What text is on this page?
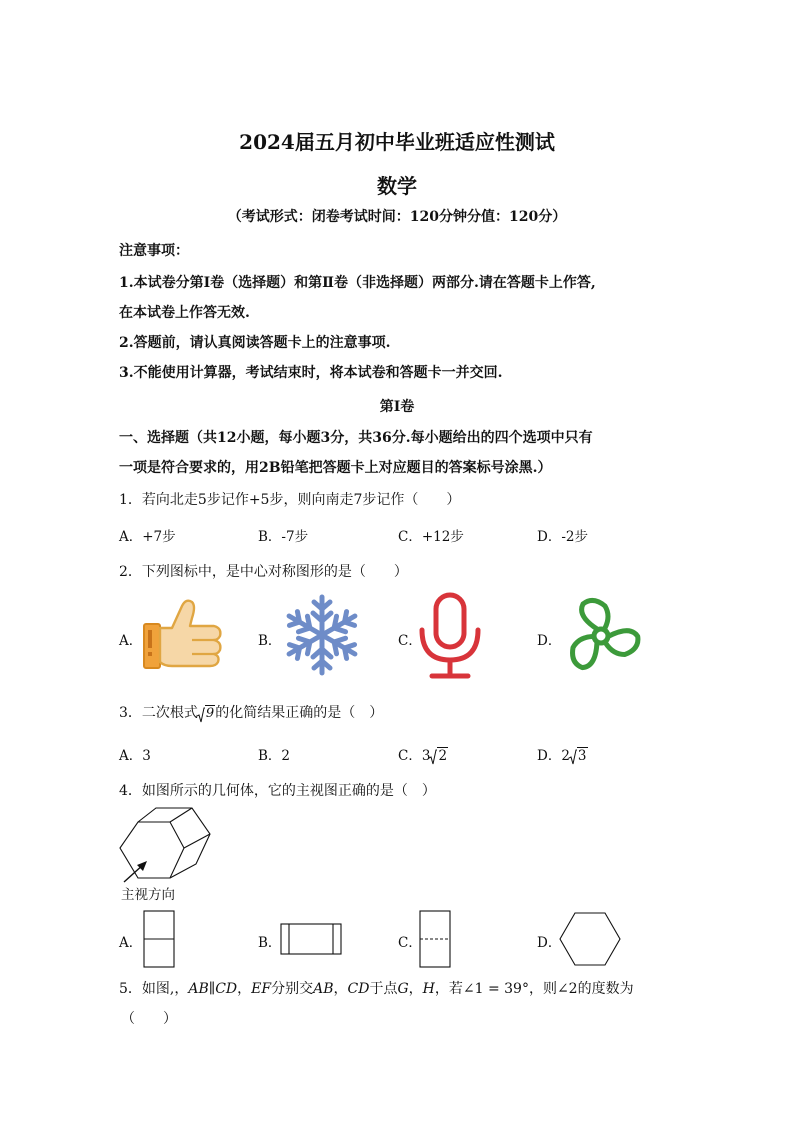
2024届五月初中毕业班适应性测试
数学
（考试形式：闭卷考试时间：120分钟分值：120分）
注意事项：
1.本试卷分第Ⅰ卷（选择题）和第Ⅱ卷（非选择题）两部分.请在答题卡上作答,
在本试卷上作答无效.
2.答题前，请认真阅读答题卡上的注意事项.
3.不能使用计算器，考试结束时，将本试卷和答题卡一并交回.
第Ⅰ卷
一、选择题（共12小题，每小题3分，共36分.每小题给出的四个选项中只有
一项是符合要求的，用2B铅笔把答题卡上对应题目的答案标号涂黑.）
1．若向北走5步记作+5步，则向南走7步记作（　　）
A．+7步	B．-7步	C．+12步	D．-2步
2．下列图标中，是中心对称图形的是（　　）
A．	B．	C．	D．
3．二次根式 9的化简结果正确的是（　）
A．3	B．2	C．3 2	D．2 3
4．如图所示的几何体，它的主视图正确的是（　）
主视方向
A．	B．	C．	D．
5．如图,，AB∥CD，EF分别交AB，CD于点G，H，若∠1 = 39°，则∠2的度数为
（　　）
